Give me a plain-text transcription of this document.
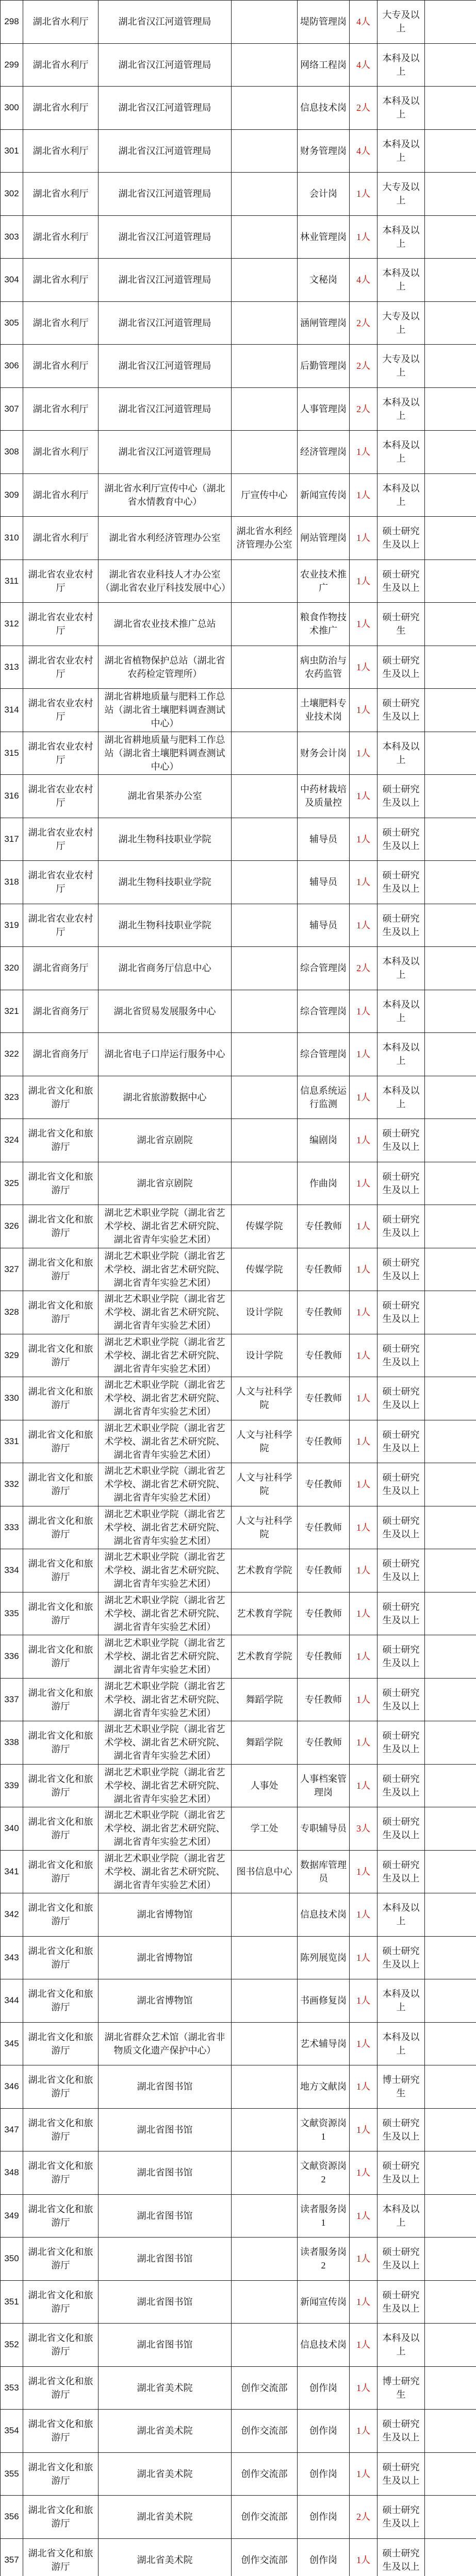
298	湖北省水利厅	湖北省汉江河道管理局		堤防管理岗	4人	大专及以上	
299	湖北省水利厅	湖北省汉江河道管理局		网络工程岗	4人	本科及以上	
300	湖北省水利厅	湖北省汉江河道管理局		信息技术岗	2人	本科及以上	
301	湖北省水利厅	湖北省汉江河道管理局		财务管理岗	4人	本科及以上	
302	湖北省水利厅	湖北省汉江河道管理局		会计岗	1人	大专及以上	
303	湖北省水利厅	湖北省汉江河道管理局		林业管理岗	1人	本科及以上	
304	湖北省水利厅	湖北省汉江河道管理局		文秘岗	4人	本科及以上	
305	湖北省水利厅	湖北省汉江河道管理局		涵闸管理岗	2人	大专及以上	
306	湖北省水利厅	湖北省汉江河道管理局		后勤管理岗	2人	大专及以上	
307	湖北省水利厅	湖北省汉江河道管理局		人事管理岗	2人	本科及以上	
308	湖北省水利厅	湖北省汉江河道管理局		经济管理岗	1人	本科及以上	
309	湖北省水利厅	湖北省水利厅宣传中心（湖北省水情教育中心）	厅宣传中心	新闻宣传岗	1人	本科及以上	
310	湖北省水利厅	湖北省水利经济管理办公室	湖北省水利经济管理办公室	闸站管理岗	1人	硕士研究生及以上	
311	湖北省农业农村厅	湖北省农业科技人才办公室（湖北省农业厅科技发展中心）		农业技术推广	1人	硕士研究生及以上	
312	湖北省农业农村厅	湖北省农业技术推广总站		粮食作物技术推广	1人	硕士研究生	
313	湖北省农业农村厅	湖北省植物保护总站（湖北省农药检定管理所）		病虫防治与农药监管	1人	硕士研究生及以上	
314	湖北省农业农村厅	湖北省耕地质量与肥料工作总站（湖北省土壤肥料调查测试中心）		土壤肥料专业技术岗	1人	硕士研究生及以上	
315	湖北省农业农村厅	湖北省耕地质量与肥料工作总站（湖北省土壤肥料调查测试中心）		财务会计岗	1人	本科及以上	
316	湖北省农业农村厅	湖北省果茶办公室		中药材栽培及质量控	1人	硕士研究生及以上	
317	湖北省农业农村厅	湖北生物科技职业学院		辅导员	1人	硕士研究生及以上	
318	湖北省农业农村厅	湖北生物科技职业学院		辅导员	1人	硕士研究生及以上	
319	湖北省农业农村厅	湖北生物科技职业学院		辅导员	1人	硕士研究生及以上	
320	湖北省商务厅	湖北省商务厅信息中心		综合管理岗	2人	本科及以上	
321	湖北省商务厅	湖北省贸易发展服务中心		综合管理岗	1人	本科及以上	
322	湖北省商务厅	湖北省电子口岸运行服务中心		综合管理岗	1人	本科及以上	
323	湖北省文化和旅游厅	湖北省旅游数据中心		信息系统运行监测	1人	本科及以上	
324	湖北省文化和旅游厅	湖北省京剧院		编剧岗	1人	硕士研究生及以上	
325	湖北省文化和旅游厅	湖北省京剧院		作曲岗	1人	硕士研究生及以上	
326	湖北省文化和旅游厅	湖北艺术职业学院（湖北省艺术学校、湖北省艺术研究院、湖北省青年实验艺术团）	传媒学院	专任教师	1人	硕士研究生及以上	
327	湖北省文化和旅游厅	湖北艺术职业学院（湖北省艺术学校、湖北省艺术研究院、湖北省青年实验艺术团）	传媒学院	专任教师	1人	硕士研究生及以上	
328	湖北省文化和旅游厅	湖北艺术职业学院（湖北省艺术学校、湖北省艺术研究院、湖北省青年实验艺术团）	设计学院	专任教师	1人	硕士研究生及以上	
329	湖北省文化和旅游厅	湖北艺术职业学院（湖北省艺术学校、湖北省艺术研究院、湖北省青年实验艺术团）	设计学院	专任教师	1人	硕士研究生及以上	
330	湖北省文化和旅游厅	湖北艺术职业学院（湖北省艺术学校、湖北省艺术研究院、湖北省青年实验艺术团）	人文与社科学院	专任教师	1人	硕士研究生及以上	
331	湖北省文化和旅游厅	湖北艺术职业学院（湖北省艺术学校、湖北省艺术研究院、湖北省青年实验艺术团）	人文与社科学院	专任教师	1人	硕士研究生及以上	
332	湖北省文化和旅游厅	湖北艺术职业学院（湖北省艺术学校、湖北省艺术研究院、湖北省青年实验艺术团）	人文与社科学院	专任教师	1人	硕士研究生及以上	
333	湖北省文化和旅游厅	湖北艺术职业学院（湖北省艺术学校、湖北省艺术研究院、湖北省青年实验艺术团）	人文与社科学院	专任教师	1人	硕士研究生及以上	
334	湖北省文化和旅游厅	湖北艺术职业学院（湖北省艺术学校、湖北省艺术研究院、湖北省青年实验艺术团）	艺术教育学院	专任教师	1人	硕士研究生及以上	
335	湖北省文化和旅游厅	湖北艺术职业学院（湖北省艺术学校、湖北省艺术研究院、湖北省青年实验艺术团）	艺术教育学院	专任教师	1人	硕士研究生及以上	
336	湖北省文化和旅游厅	湖北艺术职业学院（湖北省艺术学校、湖北省艺术研究院、湖北省青年实验艺术团）	艺术教育学院	专任教师	1人	硕士研究生及以上	
337	湖北省文化和旅游厅	湖北艺术职业学院（湖北省艺术学校、湖北省艺术研究院、湖北省青年实验艺术团）	舞蹈学院	专任教师	1人	硕士研究生及以上	
338	湖北省文化和旅游厅	湖北艺术职业学院（湖北省艺术学校、湖北省艺术研究院、湖北省青年实验艺术团）	舞蹈学院	专任教师	1人	硕士研究生及以上	
339	湖北省文化和旅游厅	湖北艺术职业学院（湖北省艺术学校、湖北省艺术研究院、湖北省青年实验艺术团）	人事处	人事档案管理岗	1人	硕士研究生及以上	
340	湖北省文化和旅游厅	湖北艺术职业学院（湖北省艺术学校、湖北省艺术研究院、湖北省青年实验艺术团）	学工处	专职辅导员	3人	硕士研究生及以上	
341	湖北省文化和旅游厅	湖北艺术职业学院（湖北省艺术学校、湖北省艺术研究院、湖北省青年实验艺术团）	图书信息中心	数据库管理员	1人	硕士研究生及以上	
342	湖北省文化和旅游厅	湖北省博物馆		信息技术岗	1人	本科及以上	
343	湖北省文化和旅游厅	湖北省博物馆		陈列展览岗	1人	硕士研究生及以上	
344	湖北省文化和旅游厅	湖北省博物馆		书画修复岗	1人	本科及以上	
345	湖北省文化和旅游厅	湖北省群众艺术馆（湖北省非物质文化遗产保护中心）		艺术辅导岗	1人	本科及以上	
346	湖北省文化和旅游厅	湖北省图书馆		地方文献岗	1人	博士研究生	
347	湖北省文化和旅游厅	湖北省图书馆		文献资源岗1	1人	硕士研究生及以上	
348	湖北省文化和旅游厅	湖北省图书馆		文献资源岗2	1人	硕士研究生及以上	
349	湖北省文化和旅游厅	湖北省图书馆		读者服务岗1	1人	本科及以上	
350	湖北省文化和旅游厅	湖北省图书馆		读者服务岗2	1人	硕士研究生及以上	
351	湖北省文化和旅游厅	湖北省图书馆		新闻宣传岗	1人	硕士研究生及以上	
352	湖北省文化和旅游厅	湖北省图书馆		信息技术岗	1人	本科及以上	
353	湖北省文化和旅游厅	湖北省美术院	创作交流部	创作岗	1人	博士研究生	
354	湖北省文化和旅游厅	湖北省美术院	创作交流部	创作岗	1人	硕士研究生及以上	
355	湖北省文化和旅游厅	湖北省美术院	创作交流部	创作岗	1人	硕士研究生及以上	
356	湖北省文化和旅游厅	湖北省美术院	创作交流部	创作岗	2人	硕士研究生及以上	
357	湖北省文化和旅游厅	湖北省美术院	创作交流部	创作岗	1人	硕士研究生及以上	
